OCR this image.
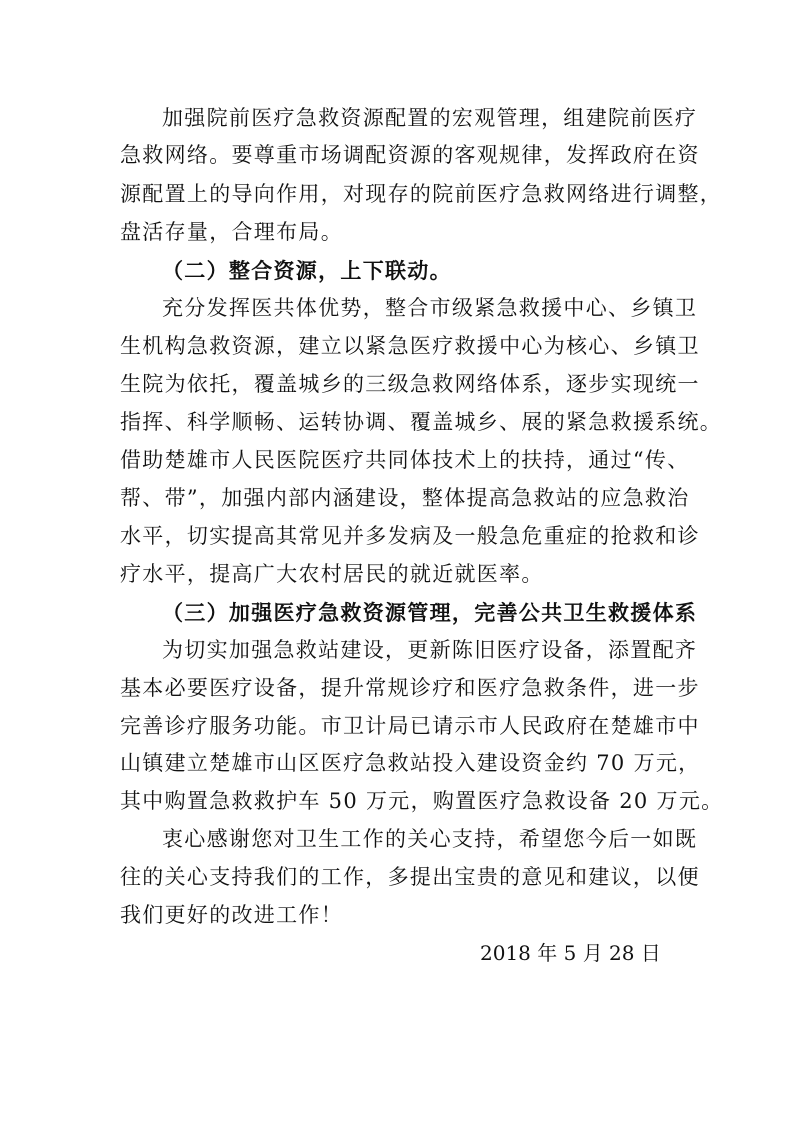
加强院前医疗急救资源配置的宏观管理，组建院前医疗
急救网络。要尊重市场调配资源的客观规律，发挥政府在资
源配置上的导向作用，对现存的院前医疗急救网络进行调整，
盘活存量，合理布局。
（二）整合资源，上下联动。
充分发挥医共体优势，整合市级紧急救援中心、乡镇卫
生机构急救资源，建立以紧急医疗救援中心为核心、乡镇卫
生院为依托，覆盖城乡的三级急救网络体系，逐步实现统一
指挥、科学顺畅、运转协调、覆盖城乡、展的紧急救援系统。
借助楚雄市人民医院医疗共同体技术上的扶持，通过“传、
帮、带”，加强内部内涵建设，整体提高急救站的应急救治
水平，切实提高其常见并多发病及一般急危重症的抢救和诊
疗水平，提高广大农村居民的就近就医率。
（三）加强医疗急救资源管理，完善公共卫生救援体系
为切实加强急救站建设，更新陈旧医疗设备，添置配齐
基本必要医疗设备，提升常规诊疗和医疗急救条件，进一步
完善诊疗服务功能。市卫计局已请示市人民政府在楚雄市中
山镇建立楚雄市山区医疗急救站投入建设资金约 70 万元，
其中购置急救救护车 50 万元，购置医疗急救设备 20 万元。
衷心感谢您对卫生工作的关心支持，希望您今后一如既
往的关心支持我们的工作，多提出宝贵的意见和建议，以便
我们更好的改进工作！
2018 年 5 月 28 日
